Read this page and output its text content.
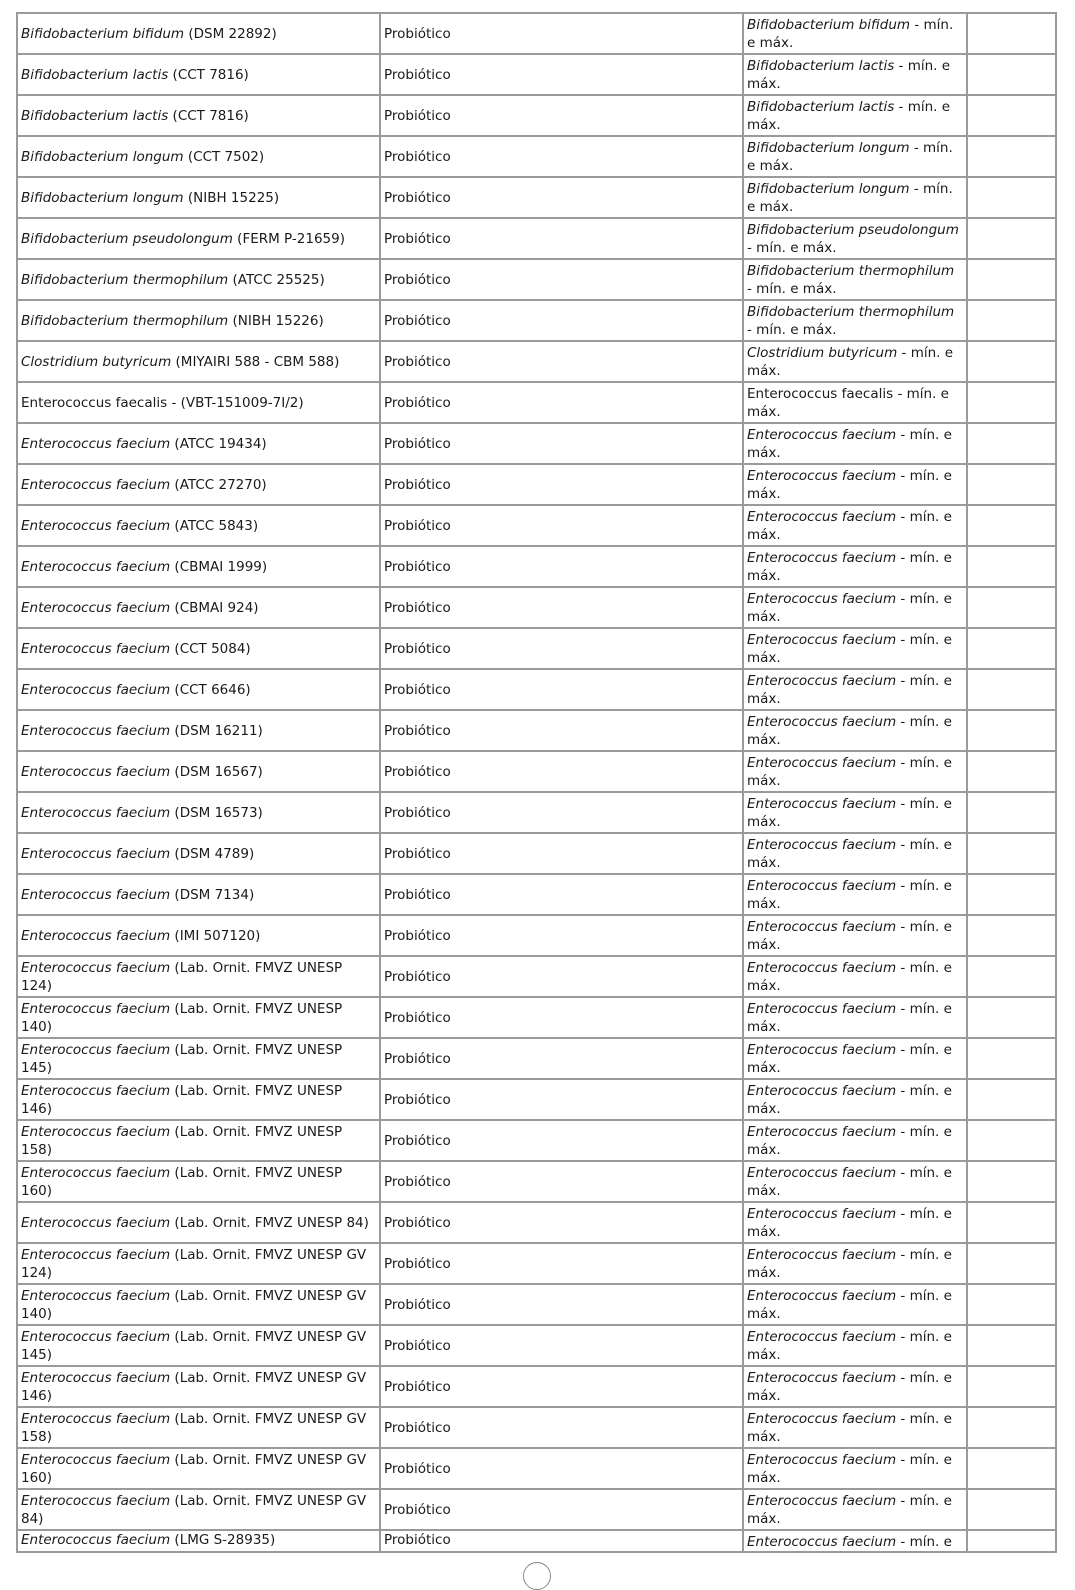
Bifidobacterium bifidum (DSM 22892)	Probiótico	Bifidobacterium bifidum - mín. e máx.	
Bifidobacterium lactis (CCT 7816)	Probiótico	Bifidobacterium lactis - mín. e máx.	
Bifidobacterium lactis (CCT 7816)	Probiótico	Bifidobacterium lactis - mín. e máx.	
Bifidobacterium longum (CCT 7502)	Probiótico	Bifidobacterium longum - mín. e máx.	
Bifidobacterium longum (NIBH 15225)	Probiótico	Bifidobacterium longum - mín. e máx.	
Bifidobacterium pseudolongum (FERM P-21659)	Probiótico	Bifidobacterium pseudolongum - mín. e máx.	
Bifidobacterium thermophilum (ATCC 25525)	Probiótico	Bifidobacterium thermophilum - mín. e máx.	
Bifidobacterium thermophilum (NIBH 15226)	Probiótico	Bifidobacterium thermophilum - mín. e máx.	
Clostridium butyricum (MIYAIRI 588 - CBM 588)	Probiótico	Clostridium butyricum - mín. e máx.	
Enterococcus faecalis - (VBT-151009-7I/2)	Probiótico	Enterococcus faecalis - mín. e máx.	
Enterococcus faecium (ATCC 19434)	Probiótico	Enterococcus faecium - mín. e máx.	
Enterococcus faecium (ATCC 27270)	Probiótico	Enterococcus faecium - mín. e máx.	
Enterococcus faecium (ATCC 5843)	Probiótico	Enterococcus faecium - mín. e máx.	
Enterococcus faecium (CBMAI 1999)	Probiótico	Enterococcus faecium - mín. e máx.	
Enterococcus faecium (CBMAI 924)	Probiótico	Enterococcus faecium - mín. e máx.	
Enterococcus faecium (CCT 5084)	Probiótico	Enterococcus faecium - mín. e máx.	
Enterococcus faecium (CCT 6646)	Probiótico	Enterococcus faecium - mín. e máx.	
Enterococcus faecium (DSM 16211)	Probiótico	Enterococcus faecium - mín. e máx.	
Enterococcus faecium (DSM 16567)	Probiótico	Enterococcus faecium - mín. e máx.	
Enterococcus faecium (DSM 16573)	Probiótico	Enterococcus faecium - mín. e máx.	
Enterococcus faecium (DSM 4789)	Probiótico	Enterococcus faecium - mín. e máx.	
Enterococcus faecium (DSM 7134)	Probiótico	Enterococcus faecium - mín. e máx.	
Enterococcus faecium (IMI 507120)	Probiótico	Enterococcus faecium - mín. e máx.	
Enterococcus faecium (Lab. Ornit. FMVZ UNESP 124)	Probiótico	Enterococcus faecium - mín. e máx.	
Enterococcus faecium (Lab. Ornit. FMVZ UNESP 140)	Probiótico	Enterococcus faecium - mín. e máx.	
Enterococcus faecium (Lab. Ornit. FMVZ UNESP 145)	Probiótico	Enterococcus faecium - mín. e máx.	
Enterococcus faecium (Lab. Ornit. FMVZ UNESP 146)	Probiótico	Enterococcus faecium - mín. e máx.	
Enterococcus faecium (Lab. Ornit. FMVZ UNESP 158)	Probiótico	Enterococcus faecium - mín. e máx.	
Enterococcus faecium (Lab. Ornit. FMVZ UNESP 160)	Probiótico	Enterococcus faecium - mín. e máx.	
Enterococcus faecium (Lab. Ornit. FMVZ UNESP 84)	Probiótico	Enterococcus faecium - mín. e máx.	
Enterococcus faecium (Lab. Ornit. FMVZ UNESP GV 124)	Probiótico	Enterococcus faecium - mín. e máx.	
Enterococcus faecium (Lab. Ornit. FMVZ UNESP GV 140)	Probiótico	Enterococcus faecium - mín. e máx.	
Enterococcus faecium (Lab. Ornit. FMVZ UNESP GV 145)	Probiótico	Enterococcus faecium - mín. e máx.	
Enterococcus faecium (Lab. Ornit. FMVZ UNESP GV 146)	Probiótico	Enterococcus faecium - mín. e máx.	
Enterococcus faecium (Lab. Ornit. FMVZ UNESP GV 158)	Probiótico	Enterococcus faecium - mín. e máx.	
Enterococcus faecium (Lab. Ornit. FMVZ UNESP GV 160)	Probiótico	Enterococcus faecium - mín. e máx.	
Enterococcus faecium (Lab. Ornit. FMVZ UNESP GV 84)	Probiótico	Enterococcus faecium - mín. e máx.	
Enterococcus faecium (LMG S-28935)	Probiótico	Enterococcus faecium - mín. e	
